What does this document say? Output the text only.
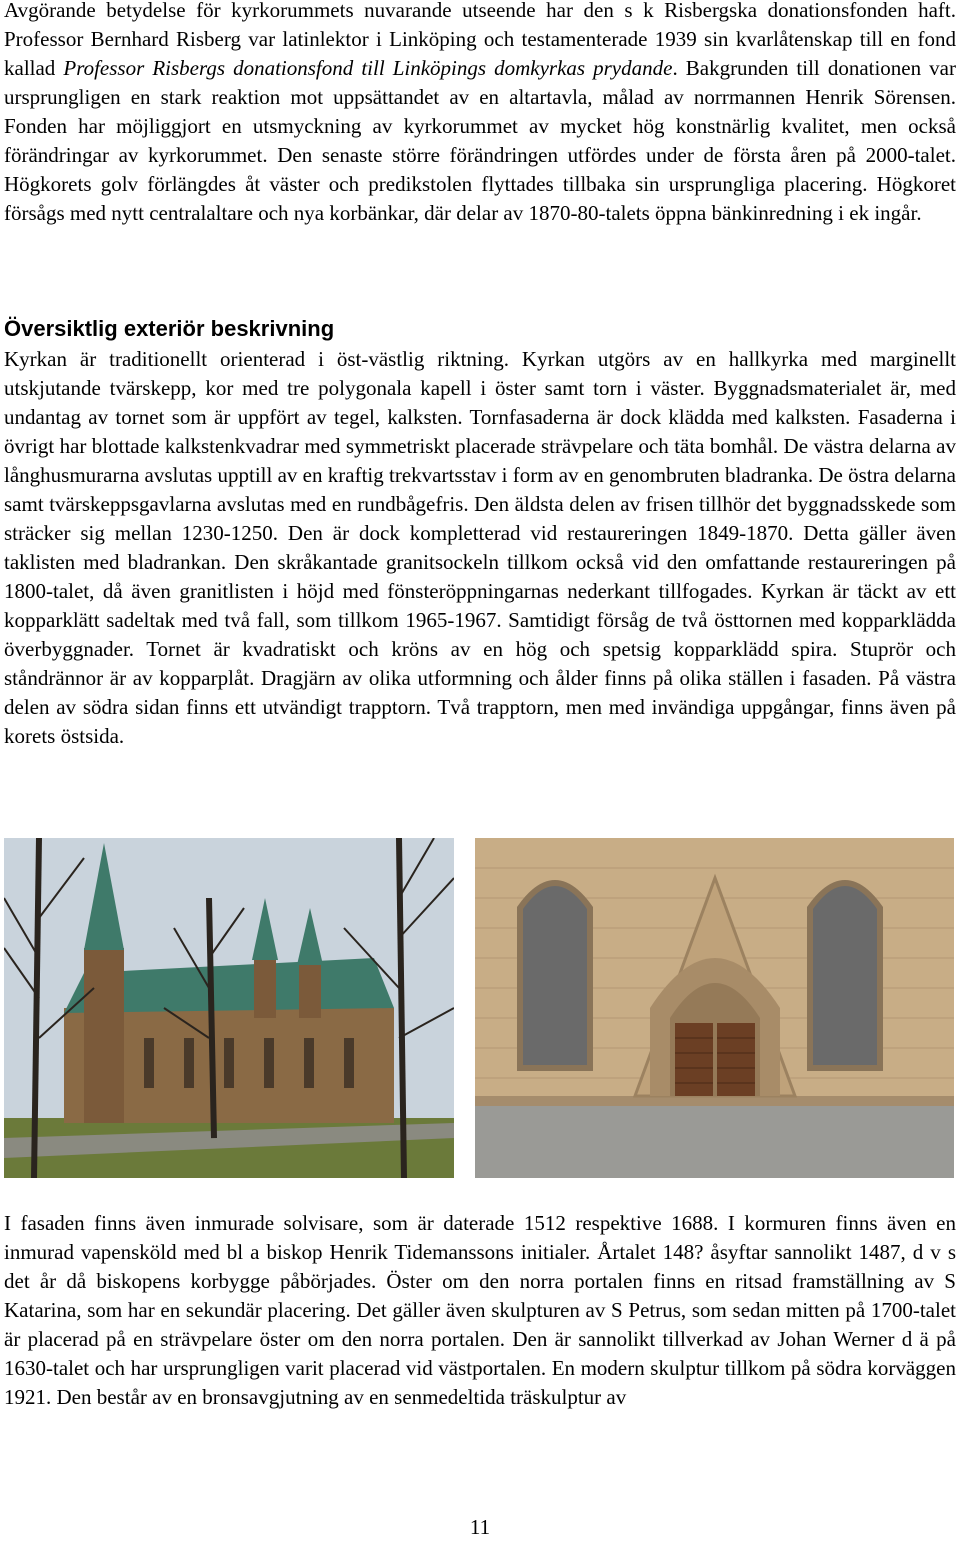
Avgörande betydelse för kyrkorummets nuvarande utseende har den s k Risbergska donationsfonden haft. Professor Bernhard Risberg var latinlektor i Linköping och testamenterade 1939 sin kvarlåtenskap till en fond kallad Professor Risbergs donationsfond till Linköpings domkyrkas prydande. Bakgrunden till donationen var ursprungligen en stark reaktion mot uppsättandet av en altartavla, målad av norrmannen Henrik Sörensen. Fonden har möjliggjort en utsmyckning av kyrkorummet av mycket hög konstnärlig kvalitet, men också förändringar av kyrkorummet. Den senaste större förändringen utfördes under de första åren på 2000-talet. Högkorets golv förlängdes åt väster och predikstolen flyttades tillbaka sin ursprungliga placering. Högkoret försågs med nytt centralaltare och nya korbänkar, där delar av 1870-80-talets öppna bänkinredning i ek ingår.

Översiktlig exteriör beskrivning

Kyrkan är traditionellt orienterad i öst-västlig riktning. Kyrkan utgörs av en hallkyrka med marginellt utskjutande tvärskepp, kor med tre polygonala kapell i öster samt torn i väster. Byggnadsmaterialet är, med undantag av tornet som är uppfört av tegel, kalksten. Tornfasaderna är dock klädda med kalksten. Fasaderna i övrigt har blottade kalkstenkvadrar med symmetriskt placerade strävpelare och täta bomhål. De västra delarna av långhusmurarna avslutas upptill av en kraftig trekvartsstav i form av en genombruten bladranka. De östra delarna samt tvärskeppsgavlarna avslutas med en rundbågefris. Den äldsta delen av frisen tillhör det byggnadsskede som sträcker sig mellan 1230-1250. Den är dock kompletterad vid restaureringen 1849-1870. Detta gäller även taklisten med bladrankan. Den skråkantade granitsockeln tillkom också vid den omfattande restaureringen på 1800-talet, då även granitlisten i höjd med fönsteröppningarnas nederkant tillfogades. Kyrkan är täckt av ett kopparklätt sadeltak med två fall, som tillkom 1965-1967. Samtidigt försåg de två östtornen med kopparklädda överbyggnader. Tornet är kvadratiskt och kröns av en hög och spetsig kopparklädd spira. Stuprör och ståndrännor är av kopparplåt. Dragjärn av olika utformning och ålder finns på olika ställen i fasaden. På västra delen av södra sidan finns ett utvändigt trapptorn. Två trapptorn, men med invändiga uppgångar, finns även på korets östsida.

I fasaden finns även inmurade solvisare, som är daterade 1512 respektive 1688. I kormuren finns även en inmurad vapensköld med bl a biskop Henrik Tidemanssons initialer. Årtalet 148? åsyftar sannolikt 1487, d v s det år då biskopens korbygge påbörjades. Öster om den norra portalen finns en ritsad framställning av S Katarina, som har en sekundär placering. Det gäller även skulpturen av S Petrus, som sedan mitten på 1700-talet är placerad på en strävpelare öster om den norra portalen. Den är sannolikt tillverkad av Johan Werner d ä på 1630-talet och har ursprungligen varit placerad vid västportalen. En modern skulptur tillkom på södra korväggen 1921. Den består av en bronsavgjutning av en senmedeltida träskulptur av

11
